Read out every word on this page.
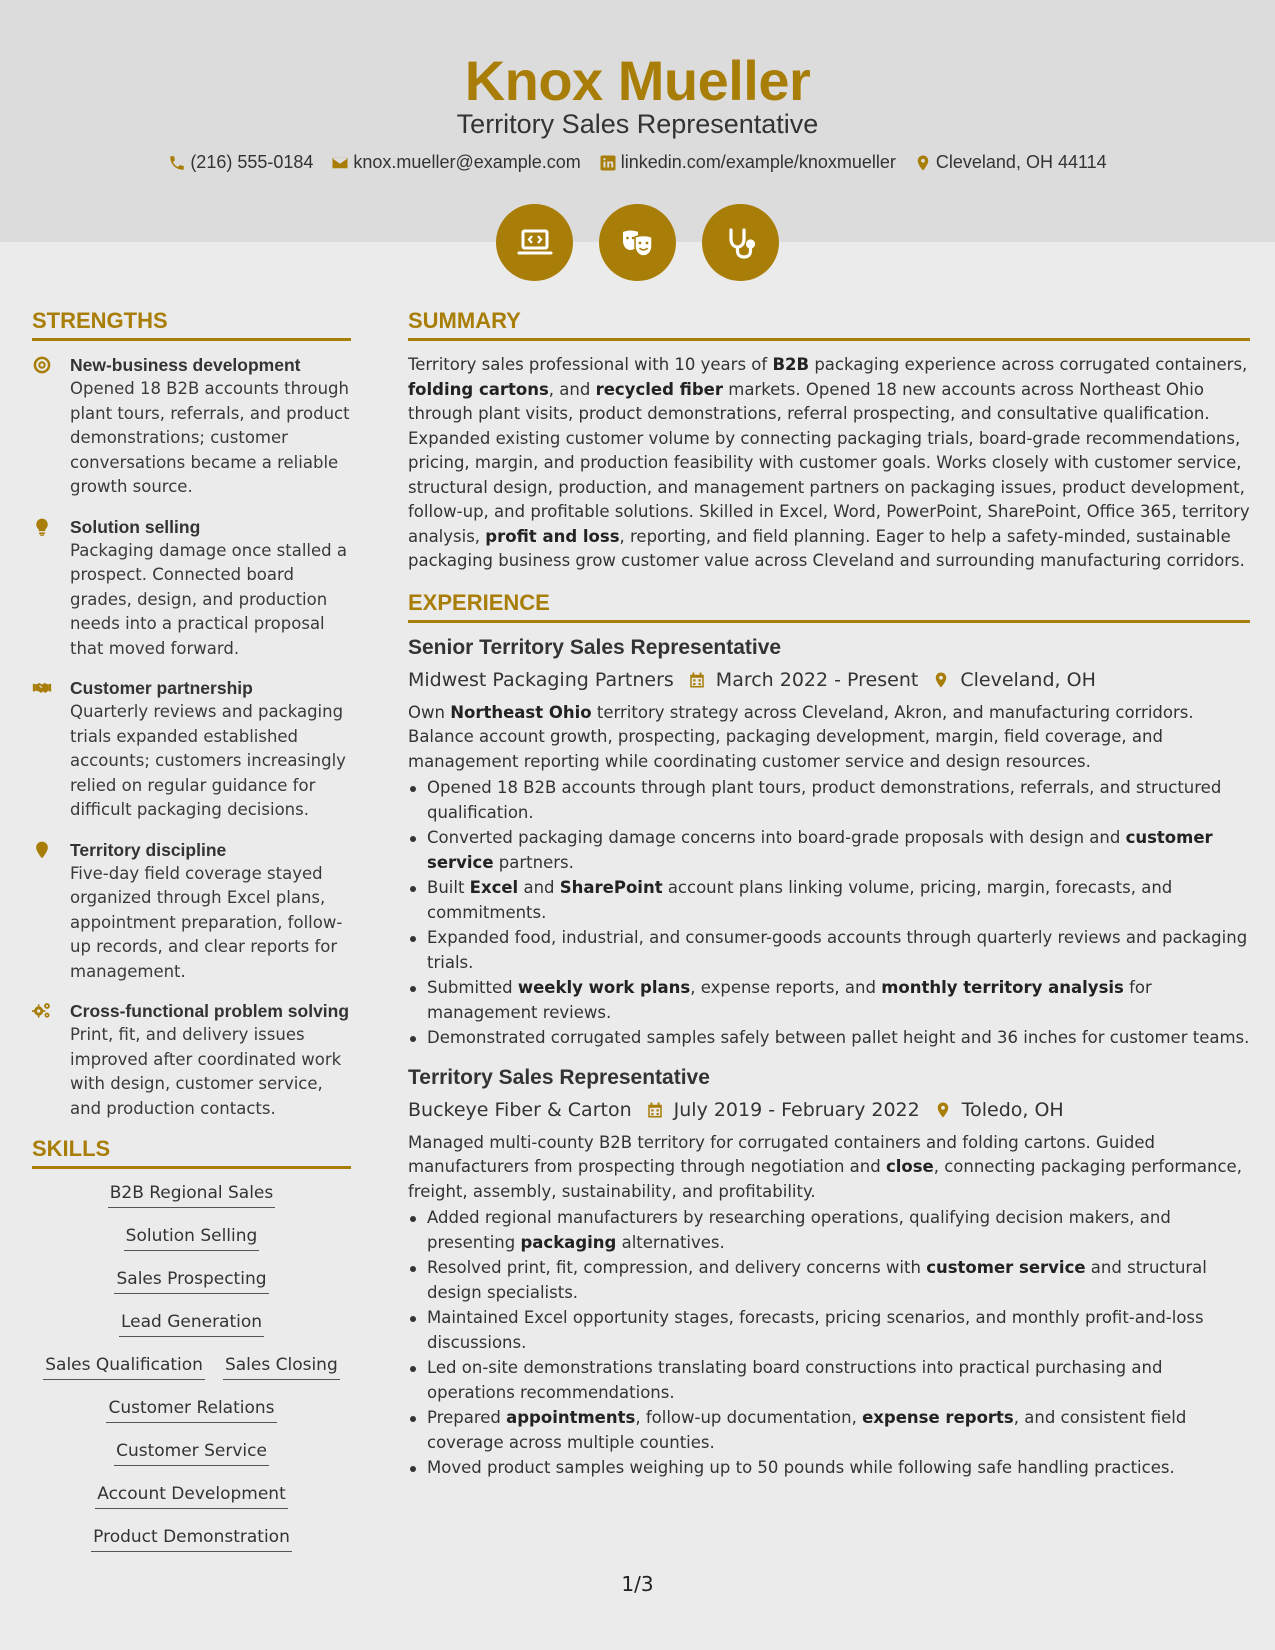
Knox Mueller
Territory Sales Representative
(216) 555-0184 knox.mueller@example.com linkedin.com/example/knoxmueller Cleveland, OH 44114
STRENGTHS
New-business development
Opened 18 B2B accounts through plant tours, referrals, and product demonstrations; customer conversations became a reliable growth source.
Solution selling
Packaging damage once stalled a prospect. Connected board grades, design, and production needs into a practical proposal that moved forward.
Customer partnership
Quarterly reviews and packaging trials expanded established accounts; customers increasingly relied on regular guidance for difficult packaging decisions.
Territory discipline
Five-day field coverage stayed organized through Excel plans, appointment preparation, follow-up records, and clear reports for management.
Cross-functional problem solving
Print, fit, and delivery issues improved after coordinated work with design, customer service, and production contacts.
SKILLS
B2B Regional Sales
Solution Selling
Sales Prospecting
Lead Generation
Sales Qualification Sales Closing
Customer Relations
Customer Service
Account Development
Product Demonstration
SUMMARY

Territory sales professional with 10 years of B2B packaging experience across corrugated containers, folding cartons, and recycled fiber markets. Opened 18 new accounts across Northeast Ohio through plant visits, product demonstrations, referral prospecting, and consultative qualification. Expanded existing customer volume by connecting packaging trials, board-grade recommendations, pricing, margin, and production feasibility with customer goals. Works closely with customer service, structural design, production, and management partners on packaging issues, product development, follow-up, and profitable solutions. Skilled in Excel, Word, PowerPoint, SharePoint, Office 365, territory analysis, profit and loss, reporting, and field planning. Eager to help a safety-minded, sustainable packaging business grow customer value across Cleveland and surrounding manufacturing corridors.

EXPERIENCE
Senior Territory Sales Representative
Midwest Packaging Partners March 2022 - Present Cleveland, OH

Own Northeast Ohio territory strategy across Cleveland, Akron, and manufacturing corridors. Balance account growth, prospecting, packaging development, margin, field coverage, and management reporting while coordinating customer service and design resources.

Opened 18 B2B accounts through plant tours, product demonstrations, referrals, and structured qualification.
Converted packaging damage concerns into board-grade proposals with design and customer service partners.
Built Excel and SharePoint account plans linking volume, pricing, margin, forecasts, and commitments.
Expanded food, industrial, and consumer-goods accounts through quarterly reviews and packaging trials.
Submitted weekly work plans, expense reports, and monthly territory analysis for management reviews.
Demonstrated corrugated samples safely between pallet height and 36 inches for customer teams.
Territory Sales Representative
Buckeye Fiber & Carton July 2019 - February 2022 Toledo, OH

Managed multi-county B2B territory for corrugated containers and folding cartons. Guided manufacturers from prospecting through negotiation and close, connecting packaging performance, freight, assembly, sustainability, and profitability.

Added regional manufacturers by researching operations, qualifying decision makers, and presenting packaging alternatives.
Resolved print, fit, compression, and delivery concerns with customer service and structural design specialists.
Maintained Excel opportunity stages, forecasts, pricing scenarios, and monthly profit-and-loss discussions.
Led on-site demonstrations translating board constructions into practical purchasing and operations recommendations.
Prepared appointments, follow-up documentation, expense reports, and consistent field coverage across multiple counties.
Moved product samples weighing up to 50 pounds while following safe handling practices.
1/3
